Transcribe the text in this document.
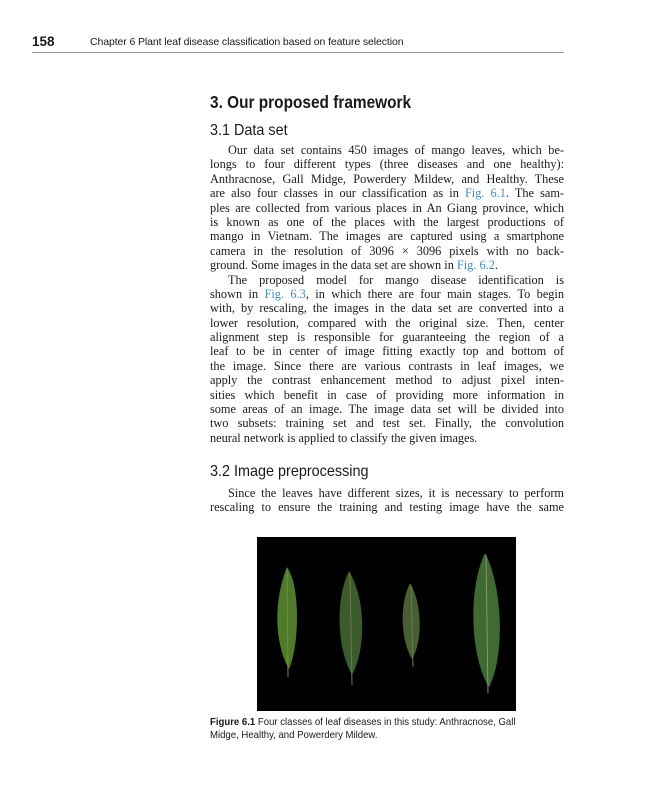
158	Chapter 6 Plant leaf disease classification based on feature selection
3. Our proposed framework
3.1 Data set
Our data set contains 450 images of mango leaves, which be-
longs to four different types (three diseases and one healthy):
Anthracnose, Gall Midge, Powerdery Mildew, and Healthy. These
are also four classes in our classification as in Fig. 6.1. The sam-
ples are collected from various places in An Giang province, which
is known as one of the places with the largest productions of
mango in Vietnam. The images are captured using a smartphone
camera in the resolution of 3096 × 3096 pixels with no back-
ground. Some images in the data set are shown in Fig. 6.2.
The proposed model for mango disease identification is
shown in Fig. 6.3, in which there are four main stages. To begin
with, by rescaling, the images in the data set are converted into a
lower resolution, compared with the original size. Then, center
alignment step is responsible for guaranteeing the region of a
leaf to be in center of image fitting exactly top and bottom of
the image. Since there are various contrasts in leaf images, we
apply the contrast enhancement method to adjust pixel inten-
sities which benefit in case of providing more information in
some areas of an image. The image data set will be divided into
two subsets: training set and test set. Finally, the convolution
neural network is applied to classify the given images.
3.2 Image preprocessing
Since the leaves have different sizes, it is necessary to perform
rescaling to ensure the training and testing image have the same
Figure 6.1 Four classes of leaf diseases in this study: Anthracnose, Gall Midge, Healthy, and Powerdery Mildew.
